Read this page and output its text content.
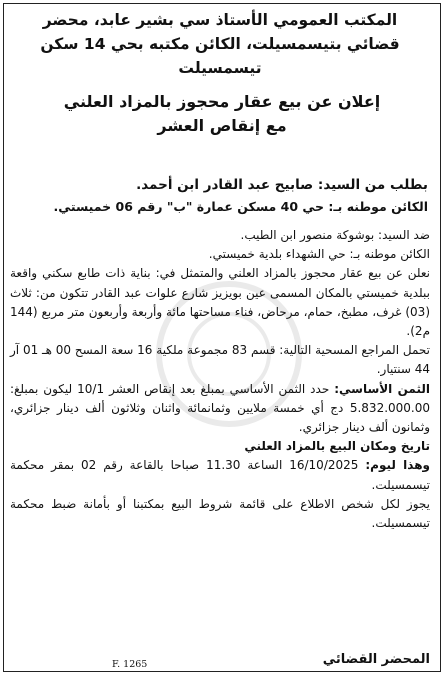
المكتب العمومي الأستاذ سي بشير عابد، محضر
قضائي بتيسمسيلت، الكائن مكتبه بحي 14 سكن تيسمسيلت
إعلان عن بيع عقار محجوز بالمزاد العلني
مع إنقاص العشر
بطلب من السيد: صابيح عبد القادر ابن أحمد.
الكائن موطنه بـ: حي 40 مسكن عمارة "ب" رقم 06 خميستي.

ضد السيد: بوشوكة منصور ابن الطيب.

الكائن موطنه بـ: حي الشهداء بلدية خميستي.

نعلن عن بيع عقار محجوز بالمزاد العلني والمتمثل في: بناية ذات طابع سكني واقعة ببلدية خميستي بالمكان المسمى عين بويزيز شارع علوات عبد القادر تتكون من: ثلاث (03) غرف، مطبخ، حمام، مرحاض، فناء مساحتها مائة وأربعة وأربعون متر مربع (144 م2).

تحمل المراجع المسحية التالية: قسم 83 مجموعة ملكية 16 سعة المسح 00 هـ 01 آر 44 سنتيار.

الثمن الأساسي: حدد الثمن الأساسي بمبلغ بعد إنقاص العشر 10/1 ليكون بمبلغ: 5.832.000.00 دج أي خمسة ملايين وثمانمائة واثنان وثلاثون ألف دينار جزائري، وثمانون ألف دينار جزائري.

تاريخ ومكان البيع بالمزاد العلني

وهذا ليوم: 16/10/2025 الساعة 11.30 صباحا بالقاعة رقم 02 بمقر محكمة تيسمسيلت.

يجوز لكل شخص الاطلاع على قائمة شروط البيع بمكتبنا أو بأمانة ضبط محكمة تيسمسيلت.

المحضر القضائي
F. 1265
